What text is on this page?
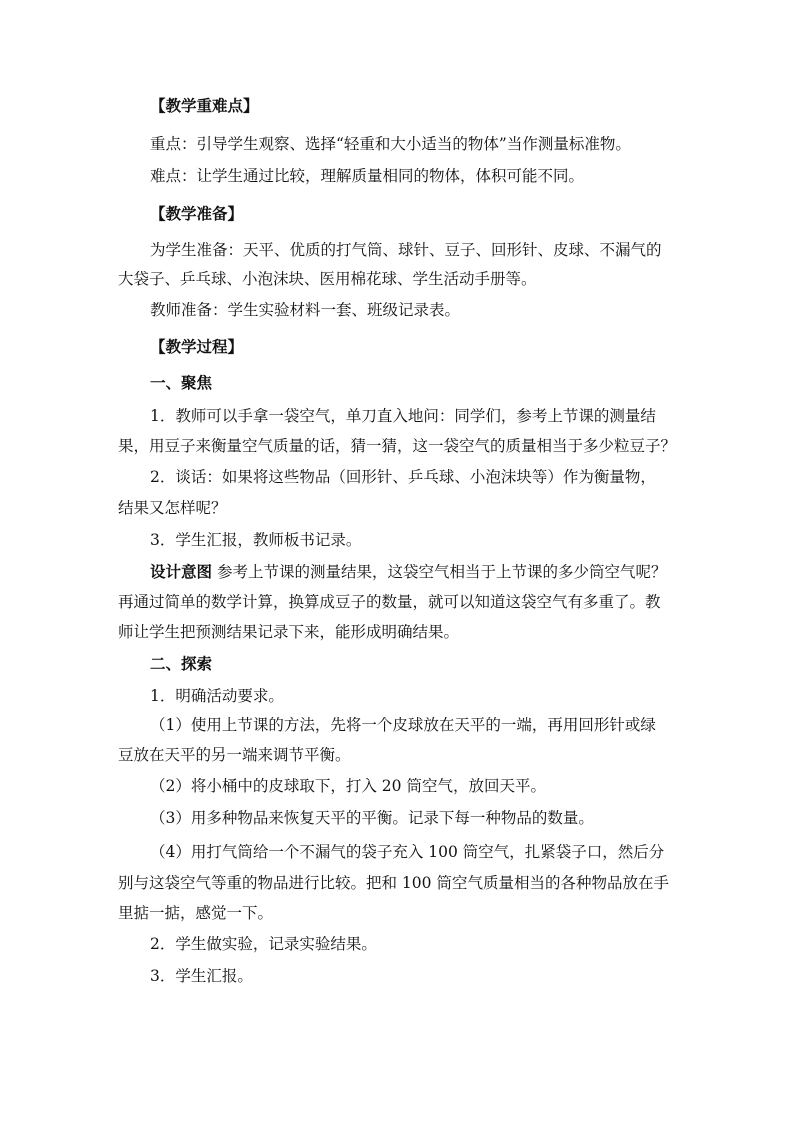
【教学重难点】
重点：引导学生观察、选择“轻重和大小适当的物体”当作测量标准物。
难点：让学生通过比较，理解质量相同的物体，体积可能不同。
【教学准备】
为学生准备：天平、优质的打气筒、球针、豆子、回形针、皮球、不漏气的
大袋子、乒乓球、小泡沫块、医用棉花球、学生活动手册等。
教师准备：学生实验材料一套、班级记录表。
【教学过程】
一、聚焦
1．教师可以手拿一袋空气，单刀直入地问：同学们，参考上节课的测量结
果，用豆子来衡量空气质量的话，猜一猜，这一袋空气的质量相当于多少粒豆子？
2．谈话：如果将这些物品（回形针、乒乓球、小泡沫块等）作为衡量物，
结果又怎样呢？
3．学生汇报，教师板书记录。
设计意图 参考上节课的测量结果，这袋空气相当于上节课的多少筒空气呢？
再通过简单的数学计算，换算成豆子的数量，就可以知道这袋空气有多重了。教
师让学生把预测结果记录下来，能形成明确结果。
二、探索
1．明确活动要求。
（1）使用上节课的方法，先将一个皮球放在天平的一端，再用回形针或绿
豆放在天平的另一端来调节平衡。
（2）将小桶中的皮球取下，打入 20 筒空气，放回天平。
（3）用多种物品来恢复天平的平衡。记录下每一种物品的数量。
（4）用打气筒给一个不漏气的袋子充入 100 筒空气，扎紧袋子口，然后分
别与这袋空气等重的物品进行比较。把和 100 筒空气质量相当的各种物品放在手
里掂一掂，感觉一下。
2．学生做实验，记录实验结果。
3．学生汇报。
